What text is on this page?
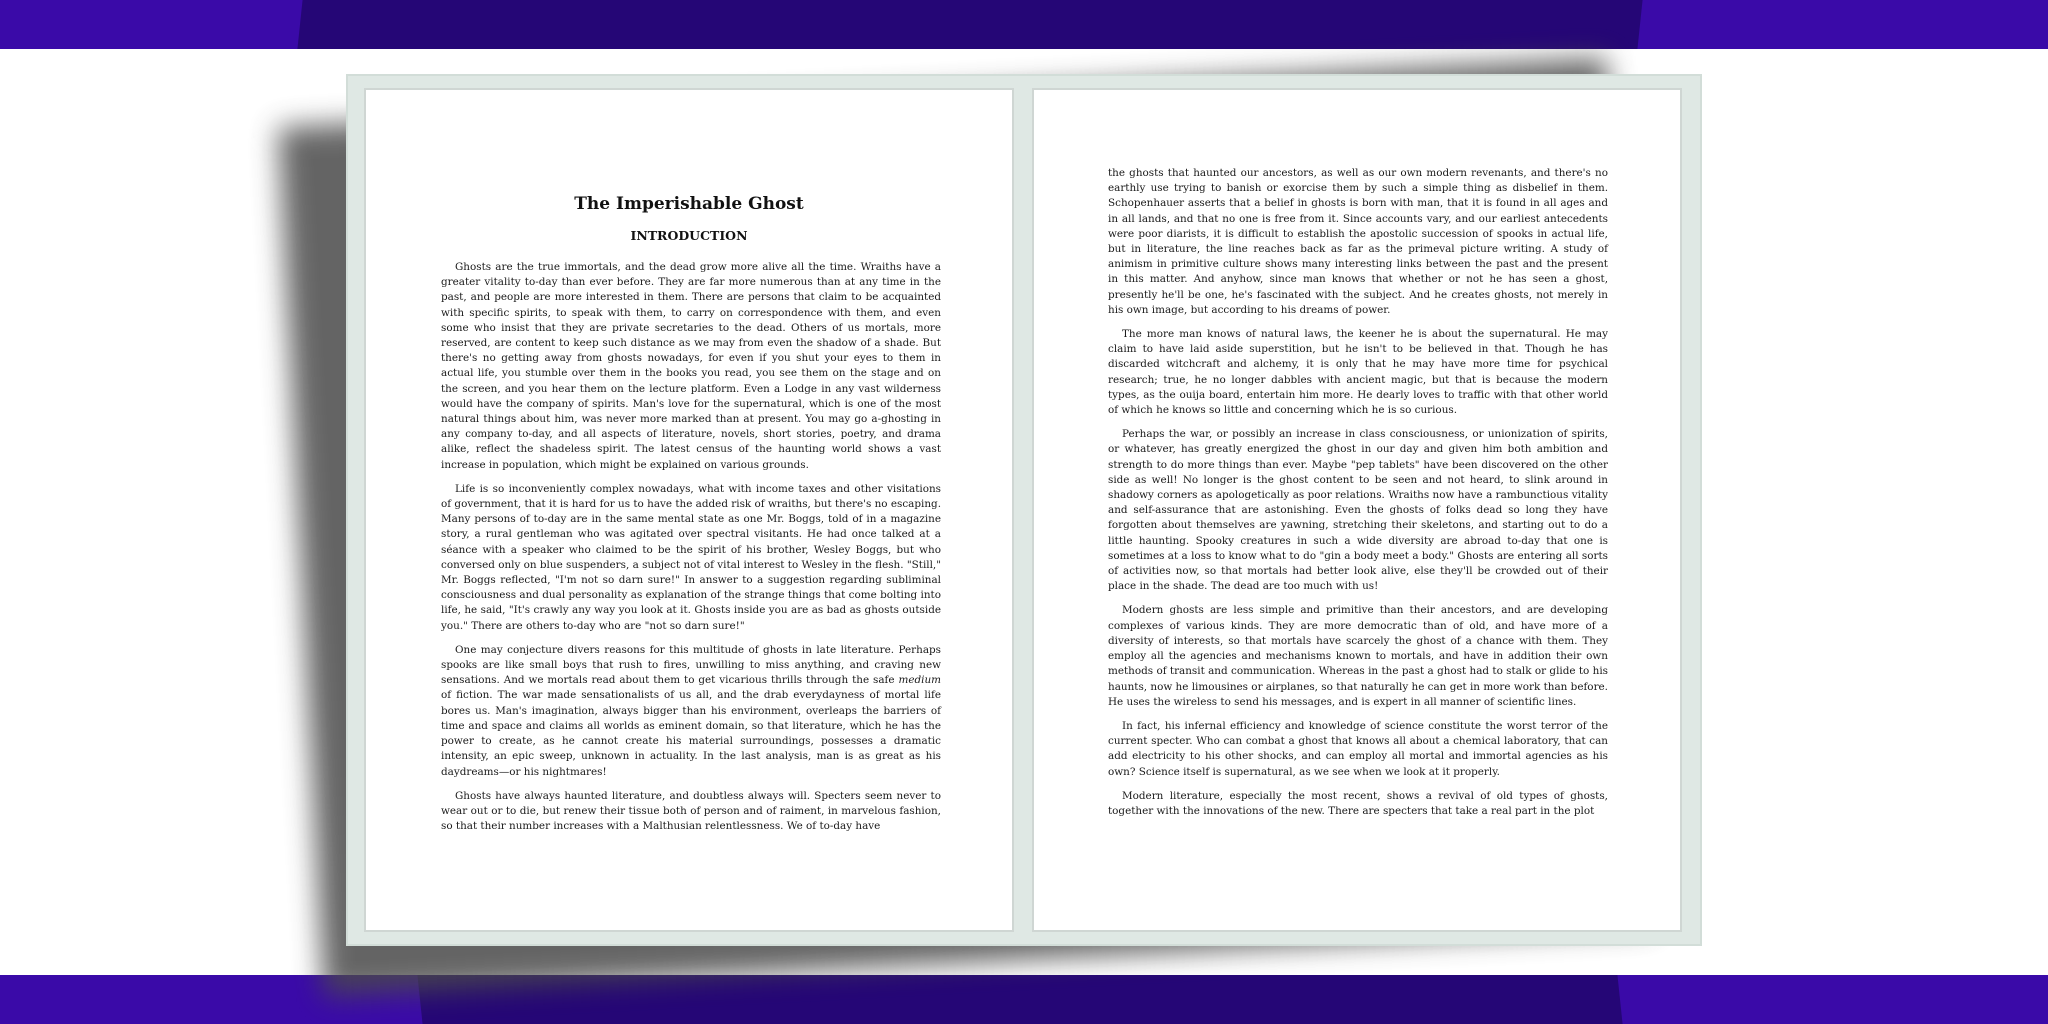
The Imperishable Ghost
INTRODUCTION

Ghosts are the true immortals, and the dead grow more alive all the time. Wraiths have a greater vitality to-day than ever before. They are far more numerous than at any time in the past, and people are more interested in them. There are persons that claim to be acquainted with specific spirits, to speak with them, to carry on correspondence with them, and even some who insist that they are private secretaries to the dead. Others of us mortals, more reserved, are content to keep such distance as we may from even the shadow of a shade. But there's no getting away from ghosts nowadays, for even if you shut your eyes to them in actual life, you stumble over them in the books you read, you see them on the stage and on the screen, and you hear them on the lecture platform. Even a Lodge in any vast wilderness would have the company of spirits. Man's love for the supernatural, which is one of the most natural things about him, was never more marked than at present. You may go a-ghosting in any company to-day, and all aspects of literature, novels, short stories, poetry, and drama alike, reflect the shadeless spirit. The latest census of the haunting world shows a vast increase in population, which might be explained on various grounds.

Life is so inconveniently complex nowadays, what with income taxes and other visitations of government, that it is hard for us to have the added risk of wraiths, but there's no escaping. Many persons of to-day are in the same mental state as one Mr. Boggs, told of in a magazine story, a rural gentleman who was agitated over spectral visitants. He had once talked at a séance with a speaker who claimed to be the spirit of his brother, Wesley Boggs, but who conversed only on blue suspenders, a subject not of vital interest to Wesley in the flesh. "Still," Mr. Boggs reflected, "I'm not so darn sure!" In answer to a suggestion regarding subliminal consciousness and dual personality as explanation of the strange things that come bolting into life, he said, "It's crawly any way you look at it. Ghosts inside you are as bad as ghosts outside you." There are others to-day who are "not so darn sure!"

One may conjecture divers reasons for this multitude of ghosts in late literature. Perhaps spooks are like small boys that rush to fires, unwilling to miss anything, and craving new sensations. And we mortals read about them to get vicarious thrills through the safe medium of fiction. The war made sensationalists of us all, and the drab everydayness of mortal life bores us. Man's imagination, always bigger than his environment, overleaps the barriers of time and space and claims all worlds as eminent domain, so that literature, which he has the power to create, as he cannot create his material surroundings, possesses a dramatic intensity, an epic sweep, unknown in actuality. In the last analysis, man is as great as his daydreams—or his nightmares!

Ghosts have always haunted literature, and doubtless always will. Specters seem never to wear out or to die, but renew their tissue both of person and of raiment, in marvelous fashion, so that their number increases with a Malthusian relentlessness. We of to-day have

the ghosts that haunted our ancestors, as well as our own modern revenants, and there's no earthly use trying to banish or exorcise them by such a simple thing as disbelief in them. Schopenhauer asserts that a belief in ghosts is born with man, that it is found in all ages and in all lands, and that no one is free from it. Since accounts vary, and our earliest antecedents were poor diarists, it is difficult to establish the apostolic succession of spooks in actual life, but in literature, the line reaches back as far as the primeval picture writing. A study of animism in primitive culture shows many interesting links between the past and the present in this matter. And anyhow, since man knows that whether or not he has seen a ghost, presently he'll be one, he's fascinated with the subject. And he creates ghosts, not merely in his own image, but according to his dreams of power.

The more man knows of natural laws, the keener he is about the supernatural. He may claim to have laid aside superstition, but he isn't to be believed in that. Though he has discarded witchcraft and alchemy, it is only that he may have more time for psychical research; true, he no longer dabbles with ancient magic, but that is because the modern types, as the ouija board, entertain him more. He dearly loves to traffic with that other world of which he knows so little and concerning which he is so curious.

Perhaps the war, or possibly an increase in class consciousness, or unionization of spirits, or whatever, has greatly energized the ghost in our day and given him both ambition and strength to do more things than ever. Maybe "pep tablets" have been discovered on the other side as well! No longer is the ghost content to be seen and not heard, to slink around in shadowy corners as apologetically as poor relations. Wraiths now have a rambunctious vitality and self-assurance that are astonishing. Even the ghosts of folks dead so long they have forgotten about themselves are yawning, stretching their skeletons, and starting out to do a little haunting. Spooky creatures in such a wide diversity are abroad to-day that one is sometimes at a loss to know what to do "gin a body meet a body." Ghosts are entering all sorts of activities now, so that mortals had better look alive, else they'll be crowded out of their place in the shade. The dead are too much with us!

Modern ghosts are less simple and primitive than their ancestors, and are developing complexes of various kinds. They are more democratic than of old, and have more of a diversity of interests, so that mortals have scarcely the ghost of a chance with them. They employ all the agencies and mechanisms known to mortals, and have in addition their own methods of transit and communication. Whereas in the past a ghost had to stalk or glide to his haunts, now he limousines or airplanes, so that naturally he can get in more work than before. He uses the wireless to send his messages, and is expert in all manner of scientific lines.

In fact, his infernal efficiency and knowledge of science constitute the worst terror of the current specter. Who can combat a ghost that knows all about a chemical laboratory, that can add electricity to his other shocks, and can employ all mortal and immortal agencies as his own? Science itself is supernatural, as we see when we look at it properly.

Modern literature, especially the most recent, shows a revival of old types of ghosts, together with the innovations of the new. There are specters that take a real part in the plot
